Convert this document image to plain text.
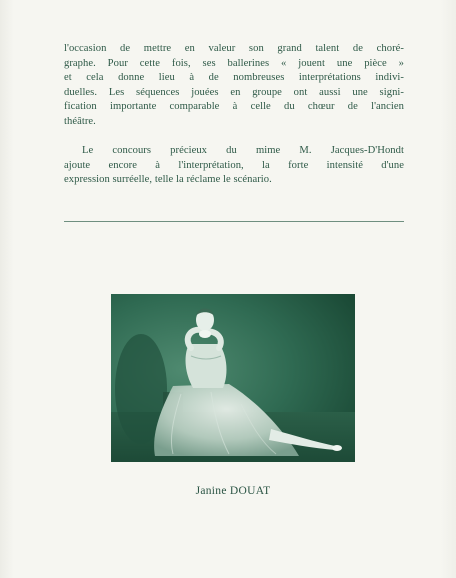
l'occasion de mettre en valeur son grand talent de choré-
graphe. Pour cette fois, ses ballerines « jouent une pièce »
et cela donne lieu à de nombreuses interprétations indivi-
duelles. Les séquences jouées en groupe ont aussi une signi-
fication importante comparable à celle du chœur de l'ancien
théâtre.
Le concours précieux du mime M. Jacques-D'Hondt
ajoute encore à l'interprétation, la forte intensité d'une
expression surréelle, telle la réclame le scénario.
Janine DOUAT
